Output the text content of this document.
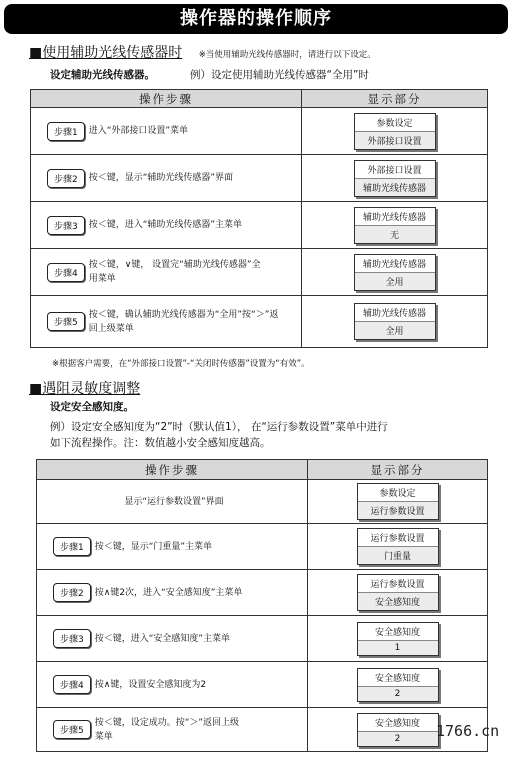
操作器的操作顺序
■使用辅助光线传感器时 ※当使用辅助光线传感器时，请进行以下设定。
设定辅助光线传感器。	例）设定使用辅助光线传感器“全用”时
操作步骤	显示部分
步骤1 进入“外部接口设置”菜单	参数设定
外部接口设置

步骤2 按＜键，显示“辅助光线传感器”界面	外部接口设置
辅助光线传感器

步骤3 按＜键，进入“辅助光线传感器”主菜单	辅助光线传感器
无

步骤4按＜键，∨键， 设置完“辅助光线传感器”全用菜单	辅助光线传感器
全用

步骤5按＜键，确认辅助光线传感器为“全用”按“＞”返回上级菜单	辅助光线传感器
全用
※根据客户需要，在“外部接口设置”-“关闭时传感器”设置为“有效”。
■遇阻灵敏度调整
设定安全感知度。
例）设定安全感知度为“2”时（默认值1）， 在“运行参数设置”菜单中进行
如下流程操作。注：数值越小安全感知度越高。
操作步骤	显示部分
显示“运行参数设置”界面	参数设定
运行参数设置

步骤1 按＜键，显示“门重量”主菜单	运行参数设置
门重量

步骤2 按∧键2次，进入“安全感知度”主菜单	运行参数设置
安全感知度

步骤3 按＜键，进入“安全感知度”主菜单	安全感知度
1

步骤4 按∧键，设置安全感知度为2	安全感知度
2

步骤5按＜键，设定成功。按“＞”返回上级菜单	安全感知度
2	1766.cn
